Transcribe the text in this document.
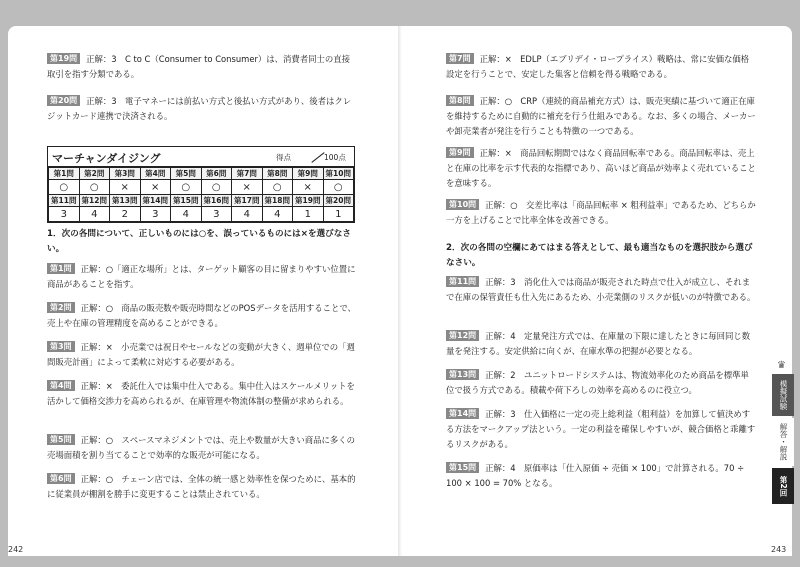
第19問 正解：3　C to C（Consumer to Consumer）は、消費者同士の直接取引を指す分類である。
第20問 正解：3　電子マネーには前払い方式と後払い方式があり、後者はクレジットカード連携で決済される。
マーチャンダイジング	得点	100点
第1問	第2問	第3問	第4問	第5問	第6問	第7問	第8問	第9問	第10問
○	○	×	×	○	○	×	○	×	○
第11問	第12問	第13問	第14問	第15問	第16問	第17問	第18問	第19問	第20問
3	4	2	3	4	3	4	4	1	1
1．次の各問について、正しいものには○を、誤っているものには×を選びなさい。
第1問 正解：○「適正な場所」とは、ターゲット顧客の目に留まりやすい位置に商品があることを指す。
第2問 正解：○　商品の販売数や販売時間などのPOSデータを活用することで、売上や在庫の管理精度を高めることができる。
第3問 正解：×　小売業では祝日やセールなどの変動が大きく、週単位での「週間販売計画」によって柔軟に対応する必要がある。
第4問 正解：×　委託仕入では集中仕入である。集中仕入はスケールメリットを活かして価格交渉力を高められるが、在庫管理や物流体制の整備が求められる。
第5問 正解：○　スペースマネジメントでは、売上や数量が大きい商品に多くの売場面積を割り当てることで効率的な販売が可能になる。
第6問 正解：○　チェーン店では、全体の統一感と効率性を保つために、基本的に従業員が棚割を勝手に変更することは禁止されている。
242
第7問 正解：×　EDLP（エブリデイ・ロープライス）戦略は、常に安価な価格設定を行うことで、安定した集客と信頼を得る戦略である。
第8問 正解：○　CRP（連続的商品補充方式）は、販売実績に基づいて適正在庫を維持するために自動的に補充を行う仕組みである。なお、多くの場合、メーカーや卸売業者が発注を行うことも特徴の一つである。
第9問 正解：×　商品回転期間ではなく商品回転率である。商品回転率は、売上と在庫の比率を示す代表的な指標であり、高いほど商品が効率よく売れていることを意味する。
第10問 正解：○　交差比率は「商品回転率 × 粗利益率」であるため、どちらか一方を上げることで比率全体を改善できる。
2．次の各問の空欄にあてはまる答えとして、最も適当なものを選択肢から選びなさい。
第11問 正解：3　消化仕入では商品が販売された時点で仕入が成立し、それまで在庫の保管責任も仕入先にあるため、小売業側のリスクが低いのが特徴である。
第12問 正解：4　定量発注方式では、在庫量の下限に達したときに毎回同じ数量を発注する。安定供給に向くが、在庫水準の把握が必要となる。
第13問 正解：2　ユニットロードシステムは、物流効率化のため商品を標準単位で扱う方式である。積載や荷下ろしの効率を高めるのに役立つ。
第14問 正解：3　仕入価格に一定の売上総利益（粗利益）を加算して値決めする方法をマークアップ法という。一定の利益を確保しやすいが、競合価格と乖離するリスクがある。
第15問 正解：4　原価率は「仕入原価 ÷ 売価 × 100」で計算される。70 ÷ 100 × 100 = 70% となる。
♛
模擬試験
解答・解説
第2回
243
